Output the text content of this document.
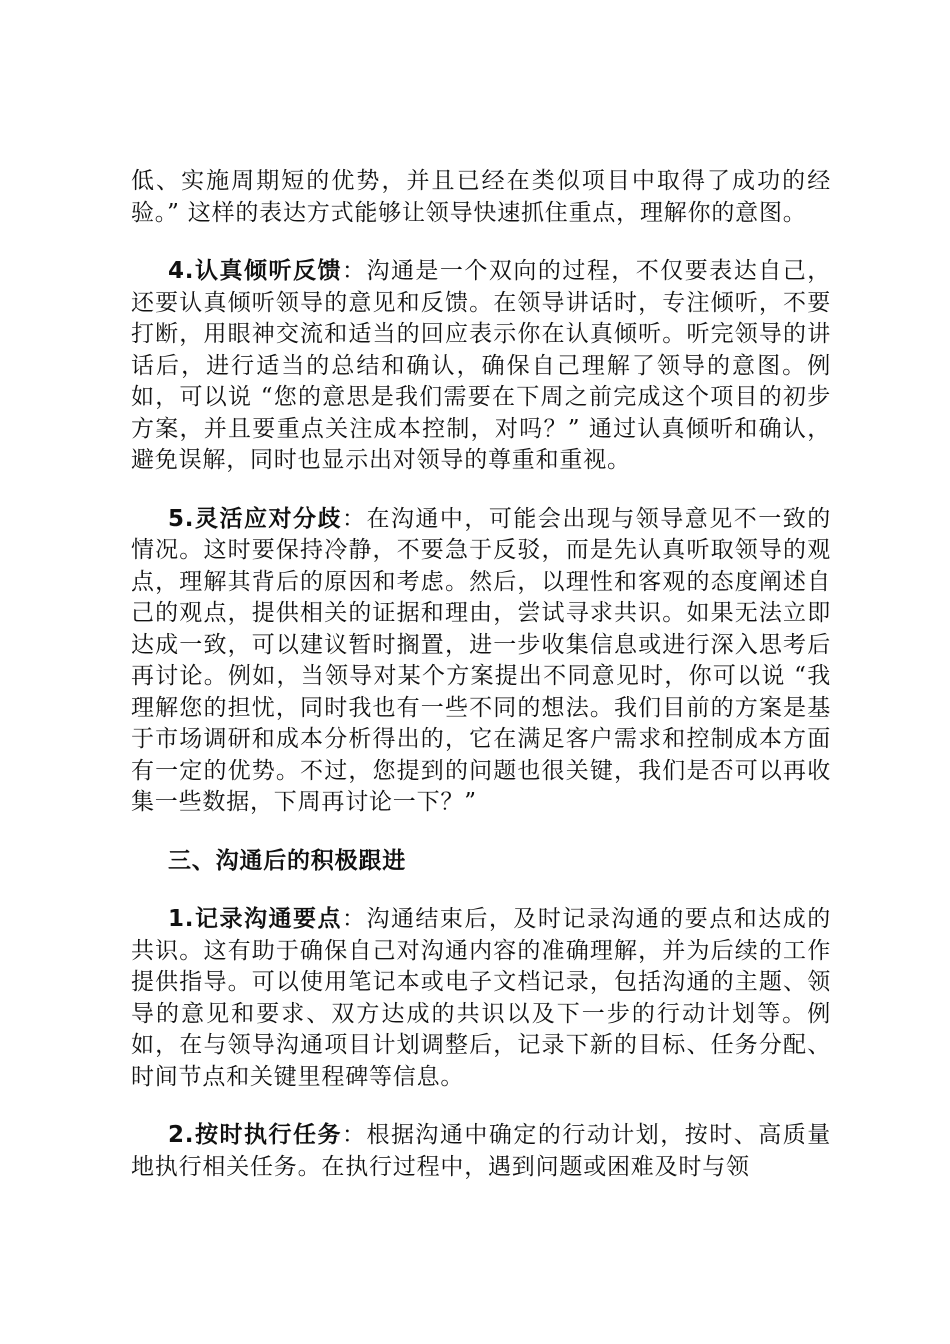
低、实施周期短的优势，并且已经在类似项目中取得了成功的经验。” 这样的表达方式能够让领导快速抓住重点，理解你的意图。

4.认真倾听反馈：沟通是一个双向的过程，不仅要表达自己，还要认真倾听领导的意见和反馈。在领导讲话时，专注倾听，不要打断，用眼神交流和适当的回应表示你在认真倾听。听完领导的讲话后，进行适当的总结和确认，确保自己理解了领导的意图。例如，可以说 “您的意思是我们需要在下周之前完成这个项目的初步方案，并且要重点关注成本控制，对吗？” 通过认真倾听和确认，避免误解，同时也显示出对领导的尊重和重视。

5.灵活应对分歧：在沟通中，可能会出现与领导意见不一致的情况。这时要保持冷静，不要急于反驳，而是先认真听取领导的观点，理解其背后的原因和考虑。然后，以理性和客观的态度阐述自己的观点，提供相关的证据和理由，尝试寻求共识。如果无法立即达成一致，可以建议暂时搁置，进一步收集信息或进行深入思考后再讨论。例如，当领导对某个方案提出不同意见时，你可以说 “我理解您的担忧，同时我也有一些不同的想法。我们目前的方案是基于市场调研和成本分析得出的，它在满足客户需求和控制成本方面有一定的优势。不过，您提到的问题也很关键，我们是否可以再收集一些数据，下周再讨论一下？”

三、沟通后的积极跟进

1.记录沟通要点：沟通结束后，及时记录沟通的要点和达成的共识。这有助于确保自己对沟通内容的准确理解，并为后续的工作提供指导。可以使用笔记本或电子文档记录，包括沟通的主题、领导的意见和要求、双方达成的共识以及下一步的行动计划等。例如，在与领导沟通项目计划调整后，记录下新的目标、任务分配、时间节点和关键里程碑等信息。

2.按时执行任务：根据沟通中确定的行动计划，按时、高质量地执行相关任务。在执行过程中，遇到问题或困难及时与领
